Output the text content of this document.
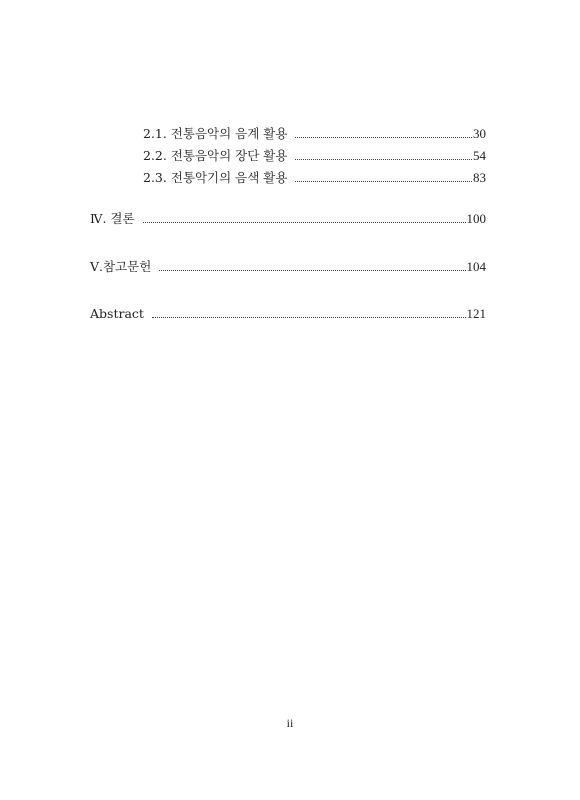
2.1. 전통음악의 음계 활용	30
2.2. 전통음악의 장단 활용	54
2.3. 전통악기의 음색 활용	83
Ⅳ. 결론	100
Ⅴ.참고문헌	104
Abstract	121
ii
